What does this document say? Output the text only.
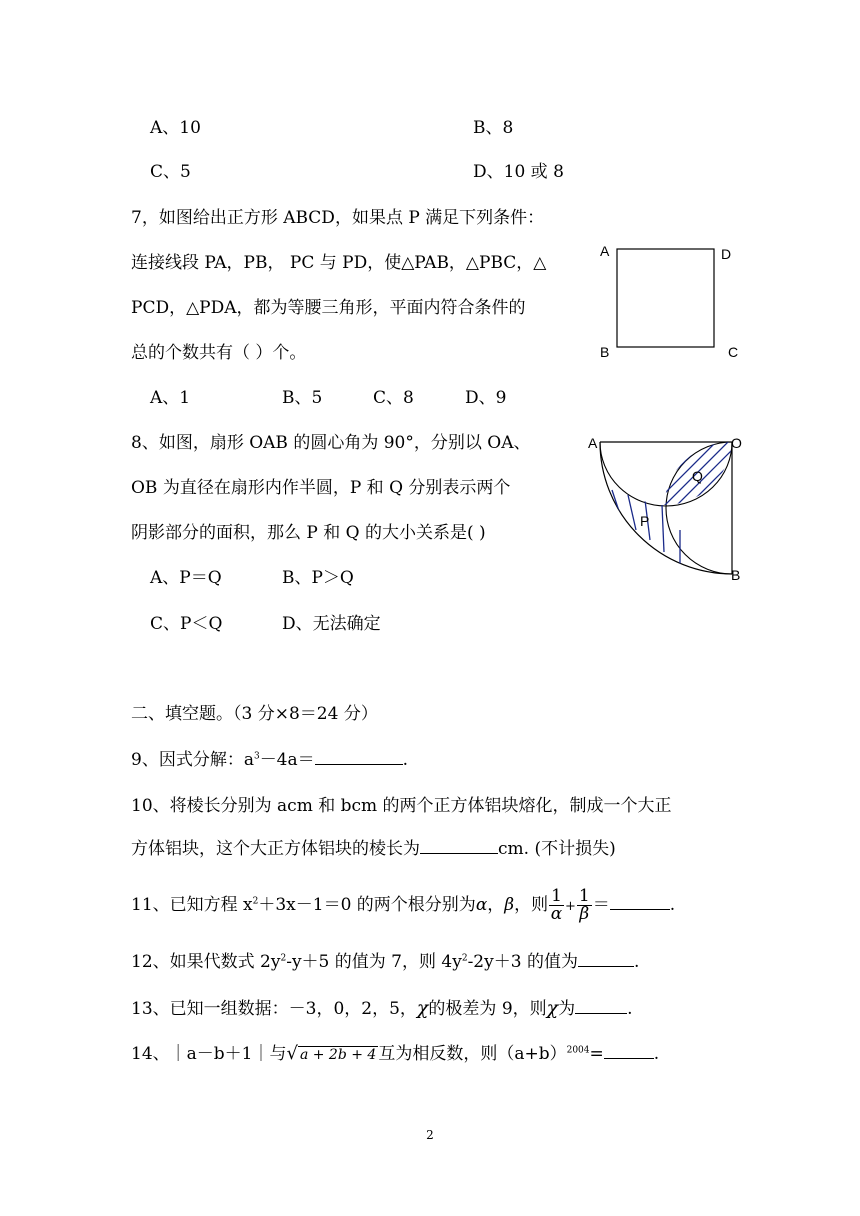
A、10	B、8
C、5	D、10 或 8
7，如图给出正方形 ABCD，如果点 P 满足下列条件：
连接线段 PA，PB， PC 与 PD，使△PAB，△PBC，△
PCD，△PDA，都为等腰三角形，平面内符合条件的
总的个数共有（ ）个。
A、1	B、5	C、8	D、9
A	D
B	C
8、如图，扇形 OAB 的圆心角为 90°，分别以 OA、
OB 为直径在扇形内作半圆，P 和 Q 分别表示两个
阴影部分的面积，那么 P 和 Q 的大小关系是( )
A、P＝Q	B、P＞Q
C、P＜Q	D、无法确定
A	O
B
P
Q
二、填空题。（3 分×8＝24 分）
9、因式分解：$a^3-4a=$	.
10、将棱长分别为 acm 和 bcm 的两个正方体铝块熔化，制成一个大正
方体铝块，这个大正方体铝块的棱长为	cm. (不计损失)
11、已知方程 $x^2+3x-1=0$ 的两个根分别为α，β，则 $\frac{1}{\alpha} + \frac{1}{\beta}$ ＝	.
12、如果代数式 $2y^2-y+5$ 的值为 7，则 $4y^2-2y+3$ 的值为	.
13、已知一组数据：－3，0，2，5，χ的极差为 9，则χ为	.
14、｜a－b＋1｜与√ a + 2b + 4 互为相反数，则$(a+b)^{2004}=$	.
2
